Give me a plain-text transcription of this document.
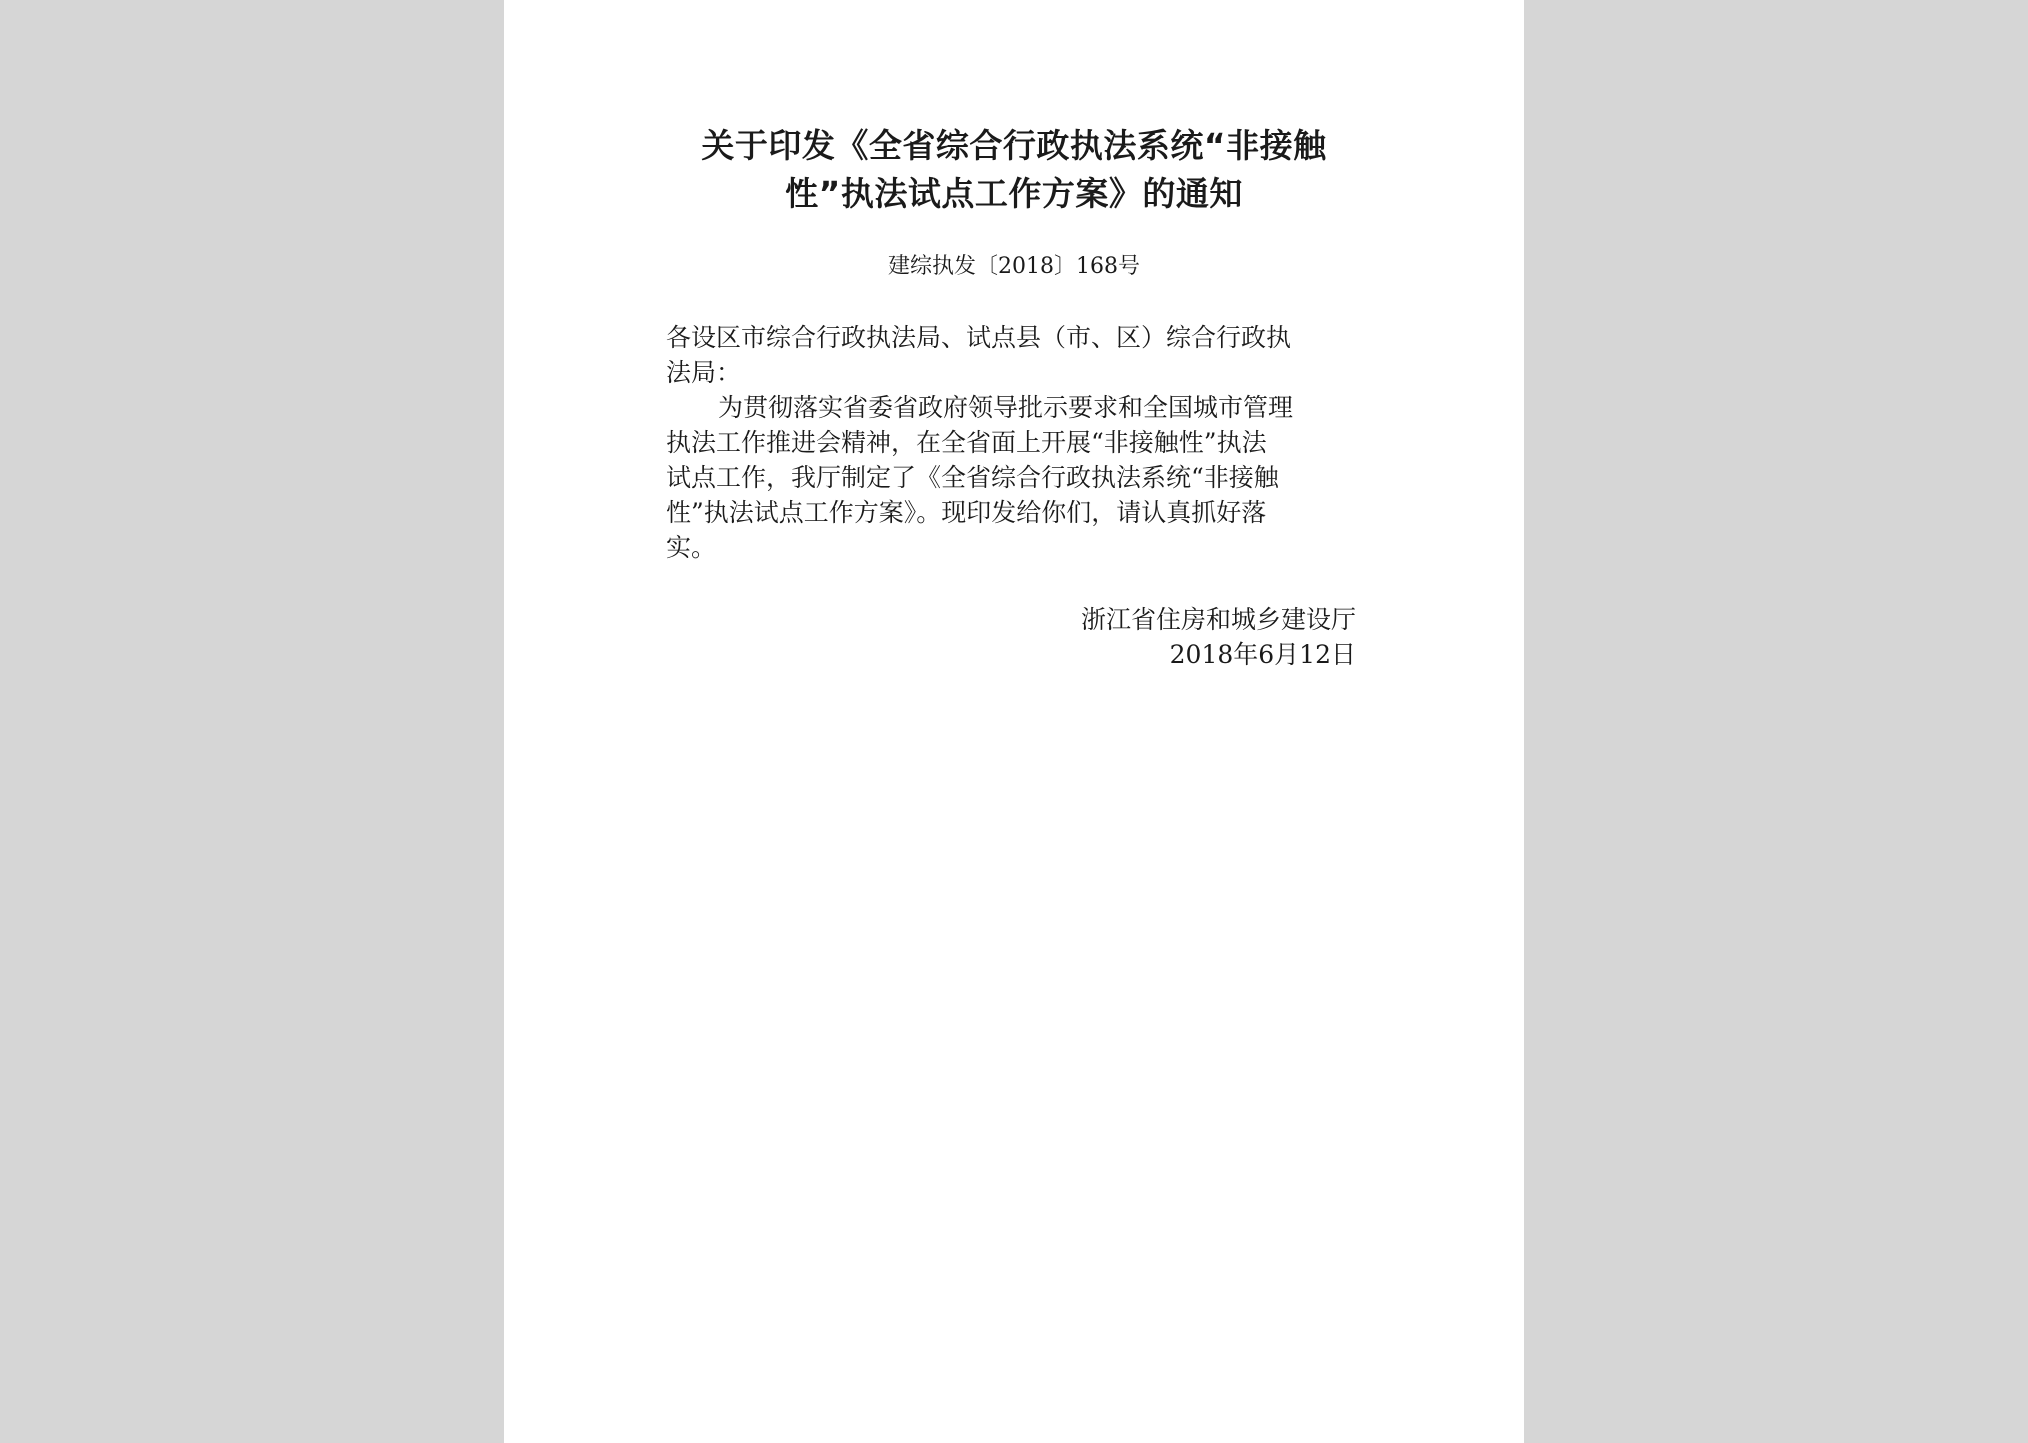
关于印发《全省综合行政执法系统“非接触
性”执法试点工作方案》的通知
建综执发〔2018〕168号
各设区市综合行政执法局、试点县（市、区）综合行政执
法局：
为贯彻落实省委省政府领导批示要求和全国城市管理
执法工作推进会精神，在全省面上开展“非接触性”执法
试点工作，我厅制定了《全省综合行政执法系统“非接触
性”执法试点工作方案》。现印发给你们，请认真抓好落
实。
浙江省住房和城乡建设厅
2018年6月12日
